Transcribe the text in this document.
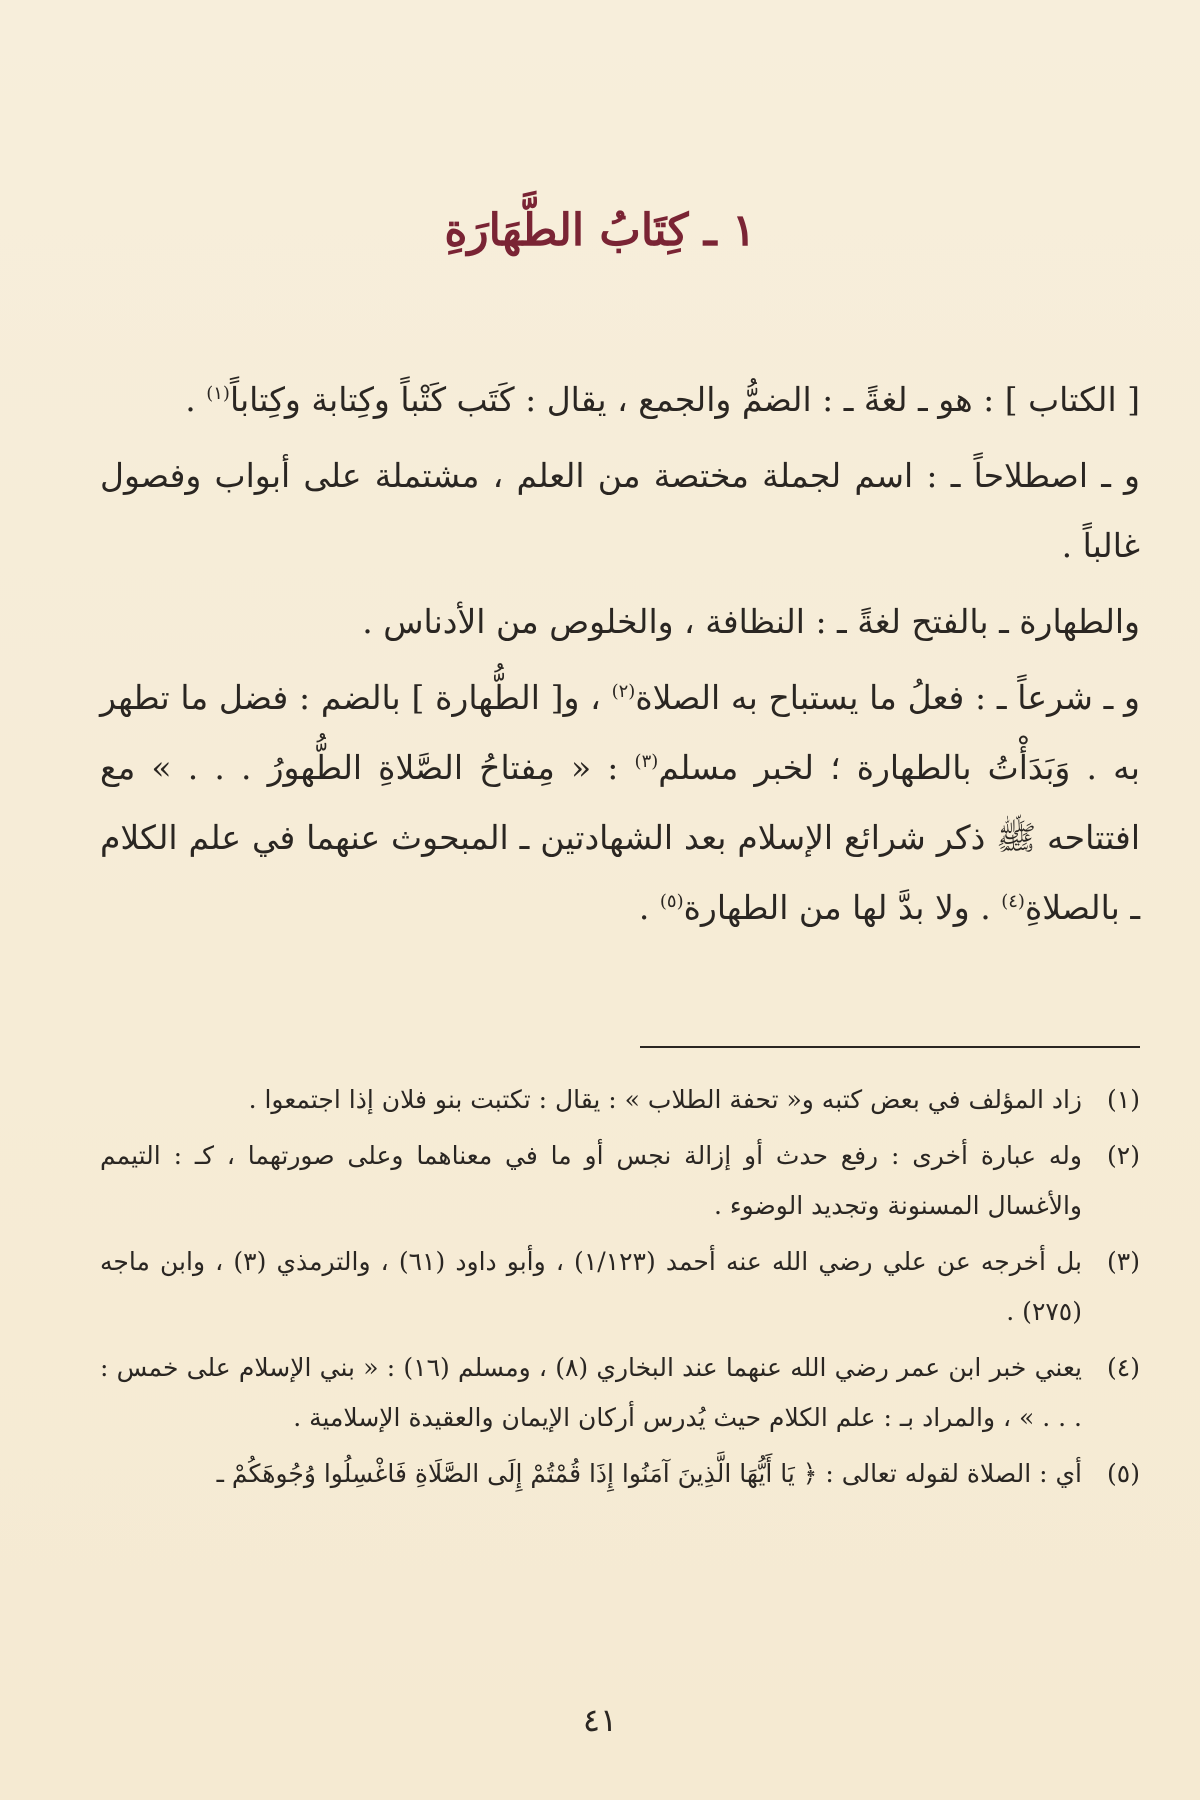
١ ـ كِتَابُ الطَّهَارَةِ

[ الكتاب ] : هو ـ لغةً ـ : الضمُّ والجمع ، يقال : كَتَب كَتْباً وكِتابة وكِتاباً$^{(١)}$ .

و ـ اصطلاحاً ـ : اسم لجملة مختصة من العلم ، مشتملة على أبواب وفصول غالباً .

والطهارة ـ بالفتح لغةً ـ : النظافة ، والخلوص من الأدناس .

و ـ شرعاً ـ : فعلُ ما يستباح به الصلاة$^{(٢)}$ ، و[ الطُّهارة ] بالضم : فضل ما تطهر به . وَبَدَأْتُ بالطهارة ؛ لخبر مسلم$^{(٣)}$ : « مِفتاحُ الصَّلاةِ الطُّهورُ . . . » مع افتتاحه ﷺ ذكر شرائع الإسلام بعد الشهادتين ـ المبحوث عنهما في علم الكلام ـ بالصلاةِ$^{(٤)}$ . ولا بدَّ لها من الطهارة$^{(٥)}$ .

(١)
زاد المؤلف في بعض كتبه و« تحفة الطلاب » : يقال : تكتبت بنو فلان إذا اجتمعوا .
(٢)
وله عبارة أخرى : رفع حدث أو إزالة نجس أو ما في معناهما وعلى صورتهما ، كـ : التيمم والأغسال المسنونة وتجديد الوضوء .
(٣)
بل أخرجه عن علي رضي الله عنه أحمد (١/١٢٣) ، وأبو داود (٦١) ، والترمذي (٣) ، وابن ماجه (٢٧٥) .
(٤)
يعني خبر ابن عمر رضي الله عنهما عند البخاري (٨) ، ومسلم (١٦) : « بني الإسلام على خمس : . . . » ، والمراد بـ : علم الكلام حيث يُدرس أركان الإيمان والعقيدة الإسلامية .
(٥)
أي : الصلاة لقوله تعالى : ﴿ يَا أَيُّهَا الَّذِينَ آمَنُوا إِذَا قُمْتُمْ إِلَى الصَّلَاةِ فَاغْسِلُوا وُجُوهَكُمْ ـ
٤١
